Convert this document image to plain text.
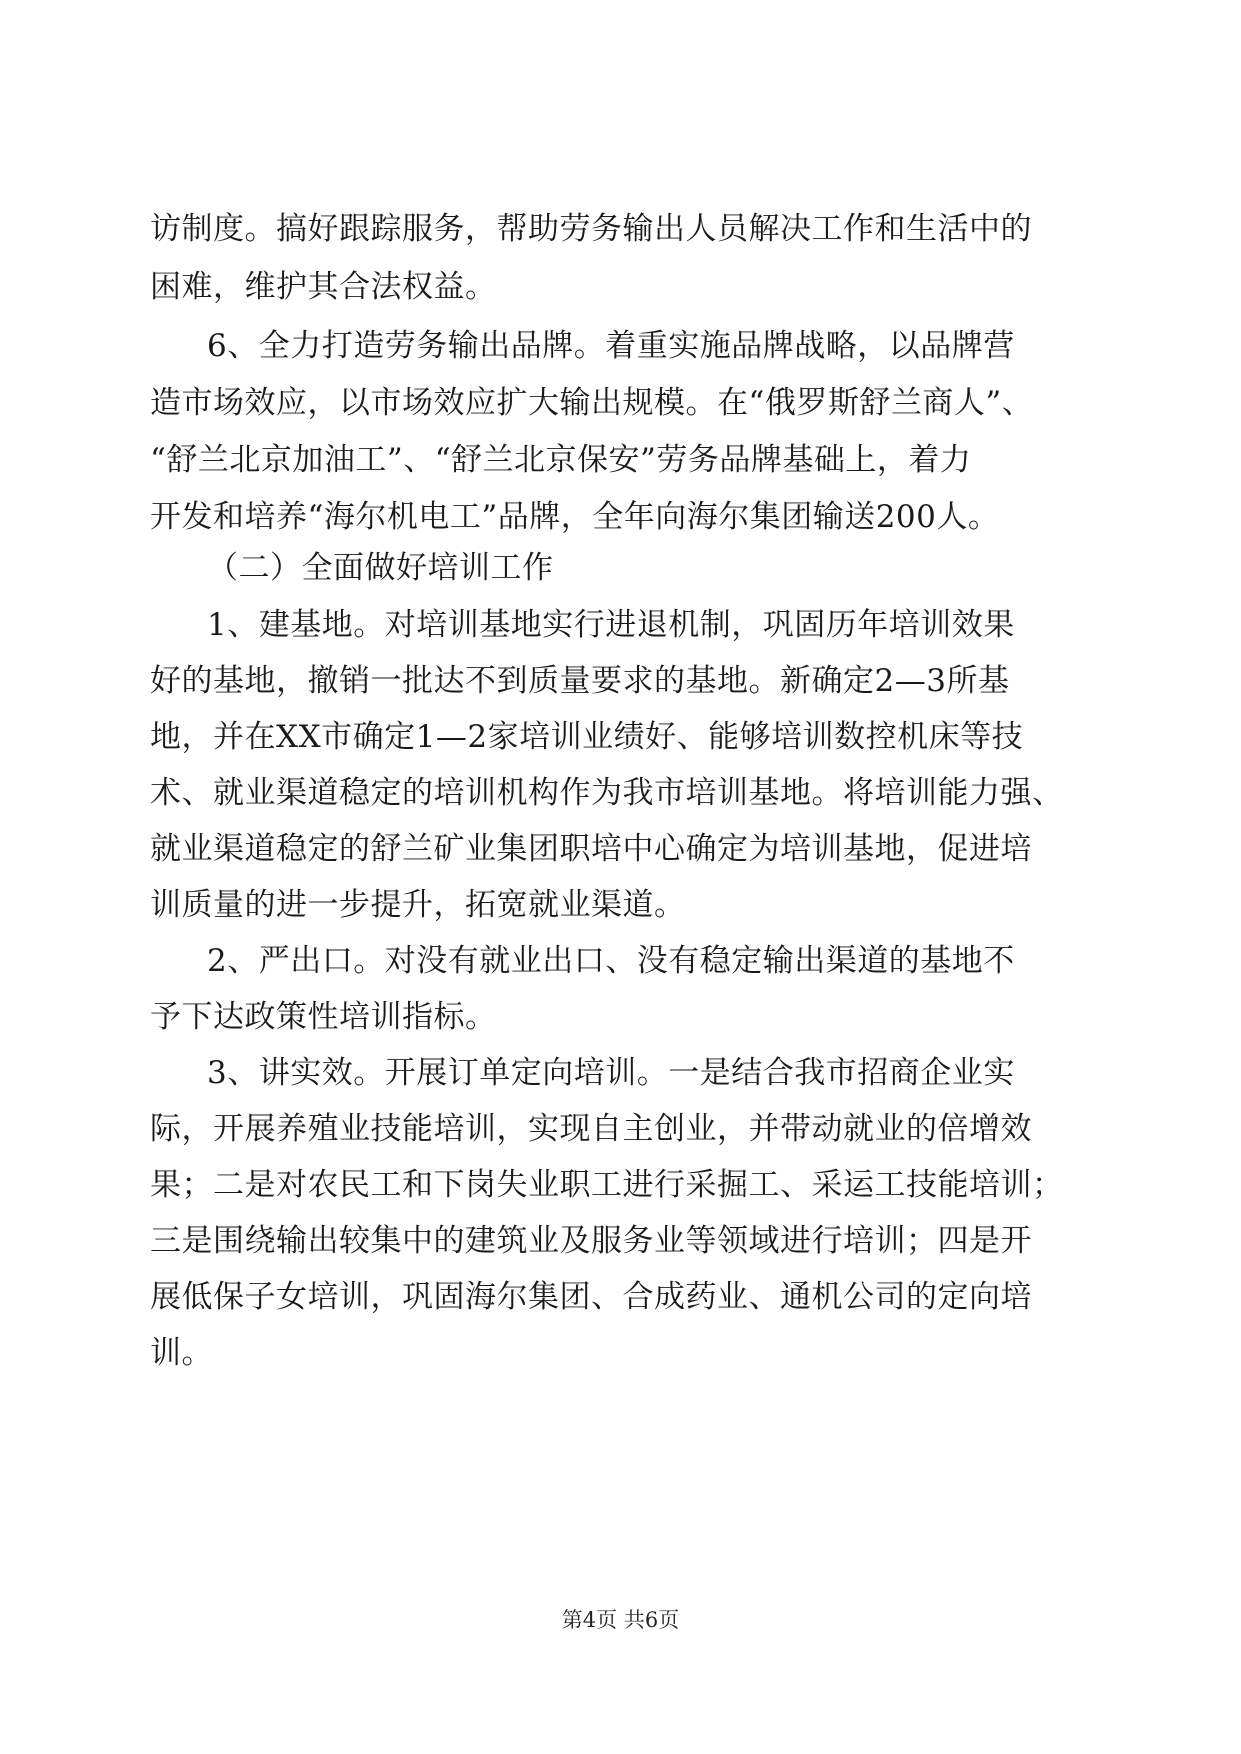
访制度。搞好跟踪服务，帮助劳务输出人员解决工作和生活中的
困难，维护其合法权益。
6、全力打造劳务输出品牌。着重实施品牌战略，以品牌营
造市场效应，以市场效应扩大输出规模。在“俄罗斯舒兰商人”、
“舒兰北京加油工”、“舒兰北京保安”劳务品牌基础上，着力
开发和培养“海尔机电工”品牌，全年向海尔集团输送200人。
（二）全面做好培训工作
1、建基地。对培训基地实行进退机制，巩固历年培训效果
好的基地，撤销一批达不到质量要求的基地。新确定2—3所基
地，并在XX市确定1—2家培训业绩好、能够培训数控机床等技
术、就业渠道稳定的培训机构作为我市培训基地。将培训能力强、
就业渠道稳定的舒兰矿业集团职培中心确定为培训基地，促进培
训质量的进一步提升，拓宽就业渠道。
2、严出口。对没有就业出口、没有稳定输出渠道的基地不
予下达政策性培训指标。
3、讲实效。开展订单定向培训。一是结合我市招商企业实
际，开展养殖业技能培训，实现自主创业，并带动就业的倍增效
果；二是对农民工和下岗失业职工进行采掘工、采运工技能培训；
三是围绕输出较集中的建筑业及服务业等领域进行培训；四是开
展低保子女培训，巩固海尔集团、合成药业、通机公司的定向培
训。
第4页 共6页
